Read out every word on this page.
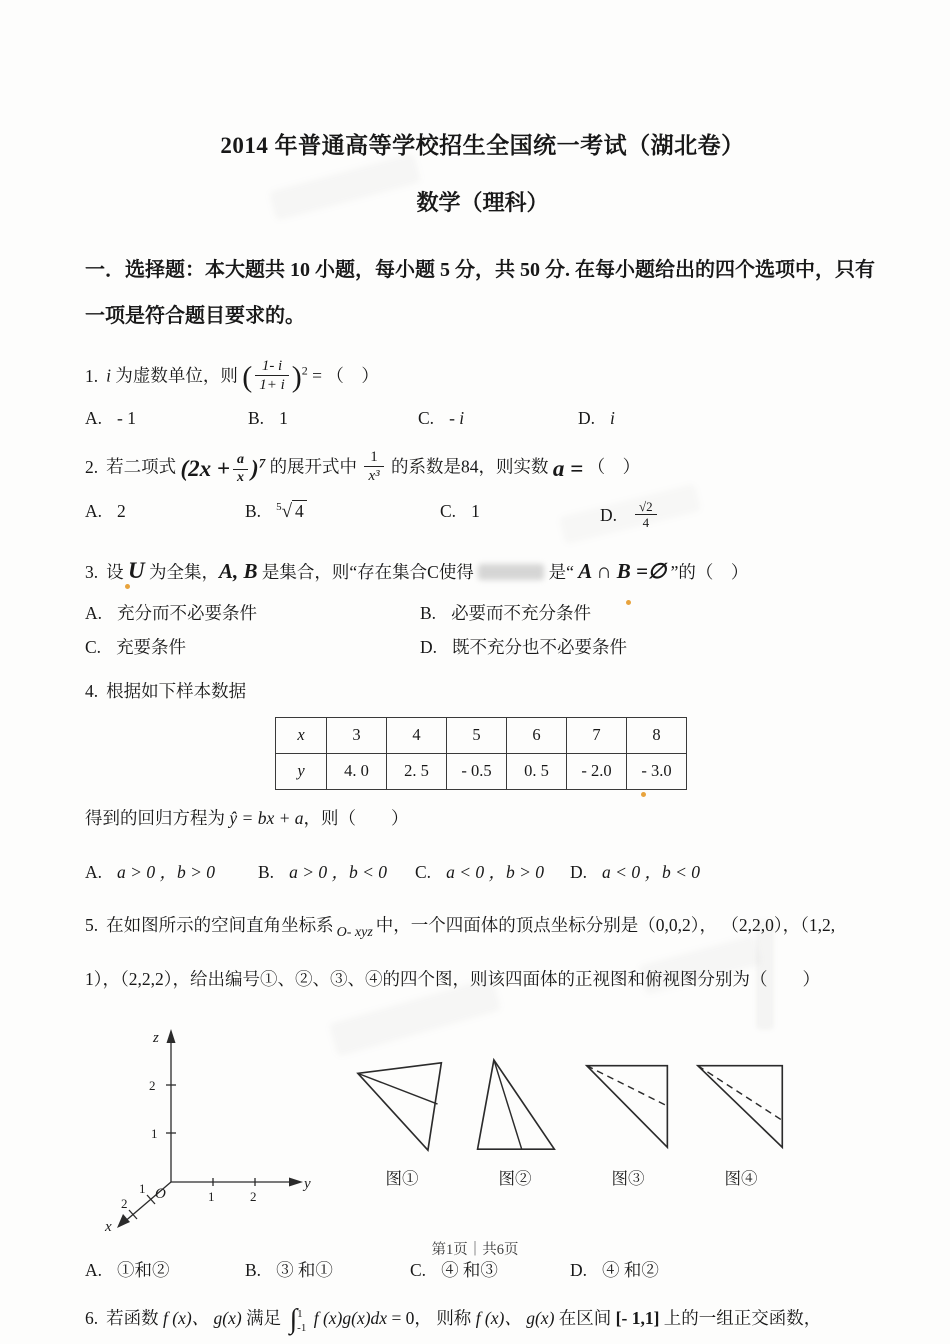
2014 年普通高等学校招生全国统一考试（湖北卷）
数学（理科）

一．选择题：本大题共 10 小题，每小题 5 分，共 50 分. 在每小题给出的四个选项中，只有
一项是符合题目要求的。

1. i 为虚数单位，则 ( $\frac{1- i}{1+ i} )^2$ = （　）
A. - 1	B. 1	C. - i	D. i
2. 若二项式 $(2x + \frac{a}{x} )^7$ 的展开式中 $\frac{1}{\text{x³}}$ 的系数是84，则实数 a = （　）
A. 2	B. $^5$√ 4	C. 1	D. $\frac{√2}{4}$
3. 设 U 为全集，A, B 是集合，则“存在集合C使得	是“ A ∩ B =∅ ”的（　）
A. 充分而不必要条件	B. 必要而不充分条件
C. 充要条件	D. 既不充分也不必要条件
4. 根据如下样本数据
x	3	4	5	6	7	8
y	4. 0	2. 5	- 0.5	0. 5	- 2.0	- 3.0
得到的回归方程为 ŷ = bx + a，则（　　）
A. a > 0 ，b > 0	B. a > 0 ，b < 0	C. a < 0 ，b > 0	D. a < 0 ，b < 0
5. 在如图所示的空间直角坐标系 $_{O- xyz}$ 中，一个四面体的顶点坐标分别是（0,0,2）， （2,2,0），（1,2,
1），（2,2,2），给出编号①、②、③、④的四个图，则该四面体的正视图和俯视图分别为（　　）
z
y
x
O
2
1
1	2
1
2
图①	图②	图③	图④
A. ①和②	B. ③ 和①	C. ④ 和③	D. ④ 和②
6. 若函数 f (x)、 g(x) 满足 ∫ 1
-1 f (x)g(x)dx = 0， 则称 f (x)、 g(x) 在区间 [- 1,1] 上的一组正交函数，
第1页｜共6页
